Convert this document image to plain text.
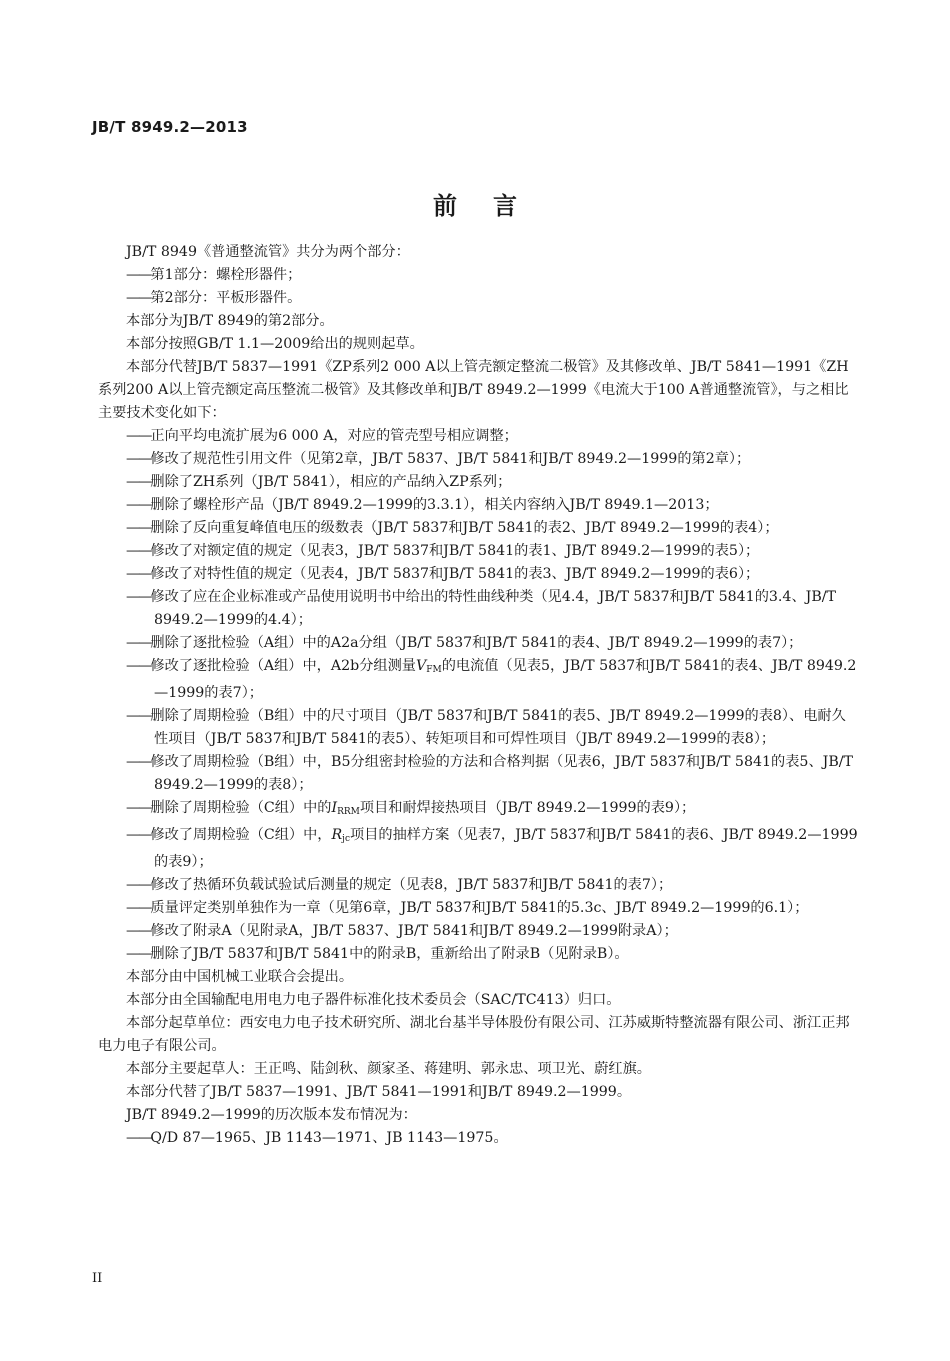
JB/T 8949.2—2013
前言

JB/T 8949《普通整流管》共分为两个部分：

—— 第1部分：螺栓形器件；

—— 第2部分：平板形器件。

本部分为JB/T 8949的第2部分。

本部分按照GB/T 1.1—2009给出的规则起草。

本部分代替JB/T 5837—1991《ZP系列2 000 A以上管壳额定整流二极管》及其修改单、JB/T 5841—1991《ZH系列200 A以上管壳额定高压整流二极管》及其修改单和JB/T 8949.2—1999《电流大于100 A普通整流管》，与之相比主要技术变化如下：

—— 正向平均电流扩展为6 000 A，对应的管壳型号相应调整；

—— 修改了规范性引用文件（见第2章，JB/T 5837、JB/T 5841和JB/T 8949.2—1999的第2章）；

—— 删除了ZH系列（JB/T 5841），相应的产品纳入ZP系列；

—— 删除了螺栓形产品（JB/T 8949.2—1999的3.3.1），相关内容纳入JB/T 8949.1—2013；

—— 删除了反向重复峰值电压的级数表（JB/T 5837和JB/T 5841的表2、JB/T 8949.2—1999的表4）；

—— 修改了对额定值的规定（见表3，JB/T 5837和JB/T 5841的表1、JB/T 8949.2—1999的表5）；

—— 修改了对特性值的规定（见表4，JB/T 5837和JB/T 5841的表3、JB/T 8949.2—1999的表6）；

—— 修改了应在企业标准或产品使用说明书中给出的特性曲线种类（见4.4，JB/T 5837和JB/T 5841的3.4、JB/T 8949.2—1999的4.4）；

—— 删除了逐批检验（A组）中的A2a分组（JB/T 5837和JB/T 5841的表4、JB/T 8949.2—1999的表7）；

—— 修改了逐批检验（A组）中，A2b分组测量$V_{FM}$的电流值（见表5，JB/T 5837和JB/T 5841的表4、JB/T 8949.2—1999的表7）；

—— 删除了周期检验（B组）中的尺寸项目（JB/T 5837和JB/T 5841的表5、JB/T 8949.2—1999的表8）、电耐久性项目（JB/T 5837和JB/T 5841的表5）、转矩项目和可焊性项目（JB/T 8949.2—1999的表8）；

—— 修改了周期检验（B组）中，B5分组密封检验的方法和合格判据（见表6，JB/T 5837和JB/T 5841的表5、JB/T 8949.2—1999的表8）；

—— 删除了周期检验（C组）中的$I_{RRM}$项目和耐焊接热项目（JB/T 8949.2—1999的表9）；

—— 修改了周期检验（C组）中，$R_{jc}$项目的抽样方案（见表7，JB/T 5837和JB/T 5841的表6、JB/T 8949.2—1999的表9）；

—— 修改了热循环负载试验试后测量的规定（见表8，JB/T 5837和JB/T 5841的表7）；

—— 质量评定类别单独作为一章（见第6章，JB/T 5837和JB/T 5841的5.3c、JB/T 8949.2—1999的6.1）；

—— 修改了附录A（见附录A，JB/T 5837、JB/T 5841和JB/T 8949.2—1999附录A）；

—— 删除了JB/T 5837和JB/T 5841中的附录B，重新给出了附录B（见附录B）。

本部分由中国机械工业联合会提出。

本部分由全国输配电用电力电子器件标准化技术委员会（SAC/TC413）归口。

本部分起草单位：西安电力电子技术研究所、湖北台基半导体股份有限公司、江苏威斯特整流器有限公司、浙江正邦电力电子有限公司。

本部分主要起草人：王正鸣、陆剑秋、颜家圣、蒋建明、郭永忠、项卫光、蔚红旗。

本部分代替了JB/T 5837—1991、JB/T 5841—1991和JB/T 8949.2—1999。

JB/T 8949.2—1999的历次版本发布情况为：

—— Q/D 87—1965、JB 1143—1971、JB 1143—1975。

II
